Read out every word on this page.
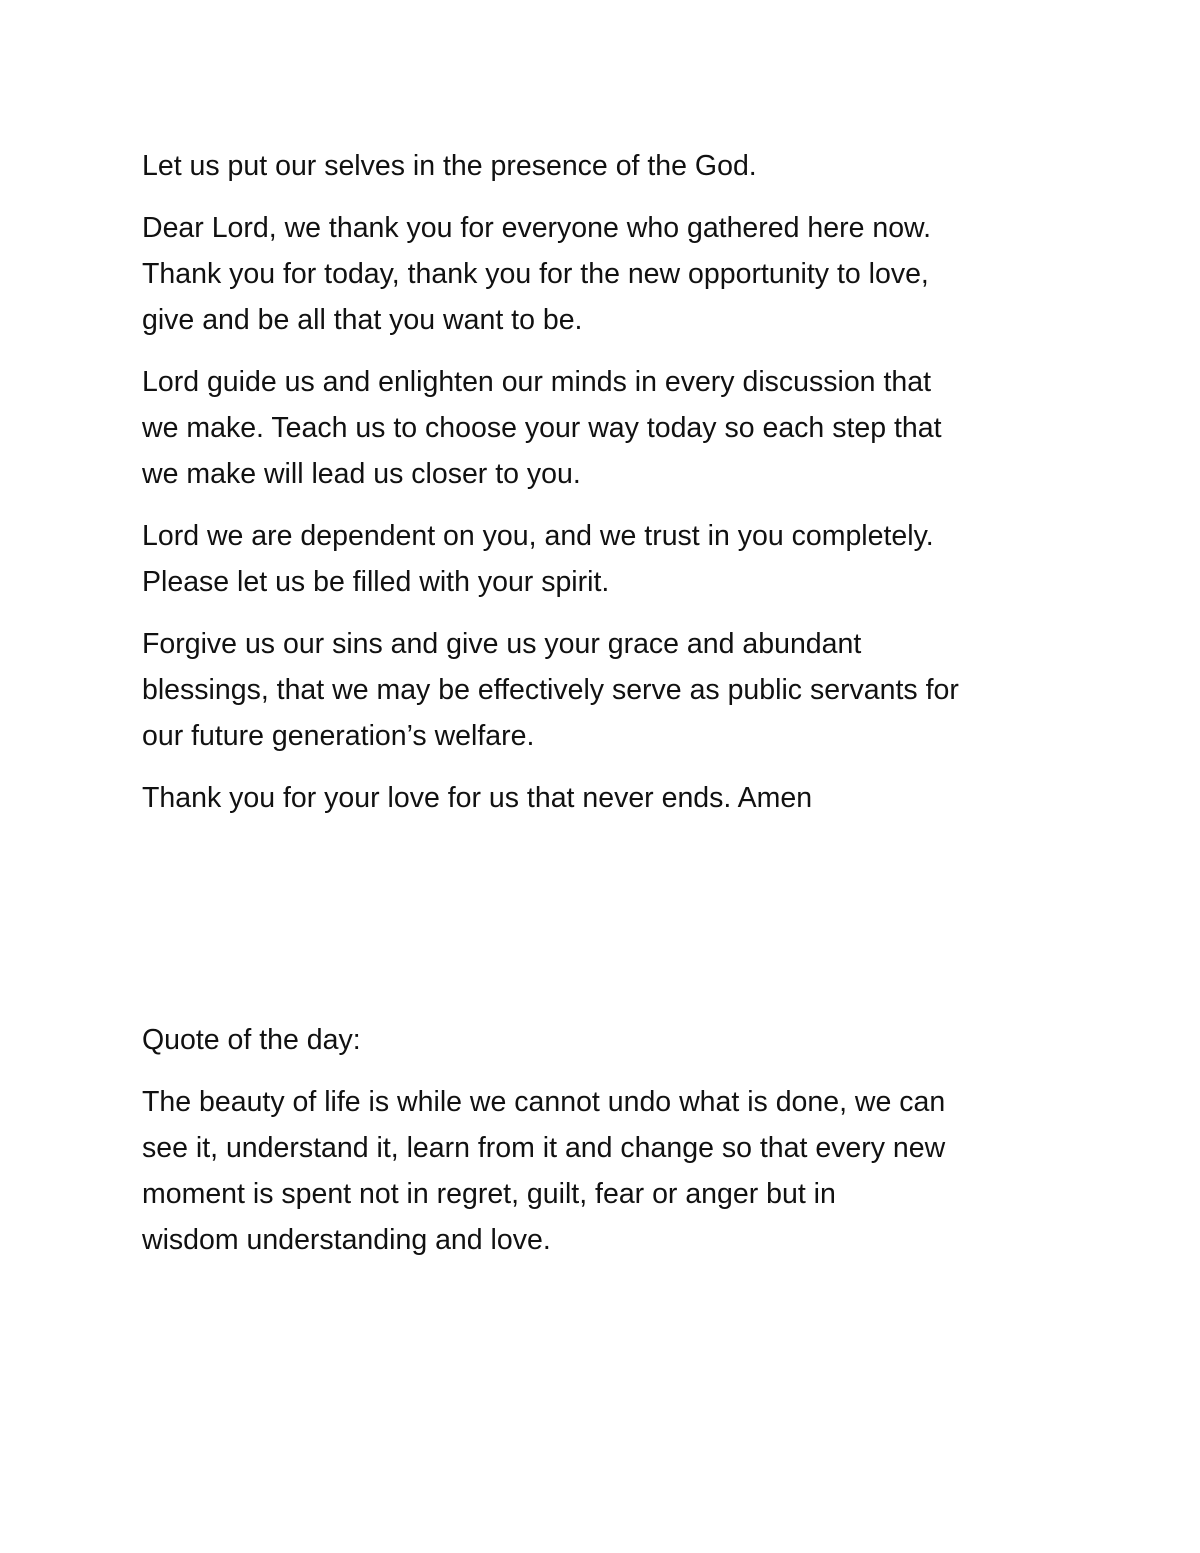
Let us put our selves in the presence of the God.
Dear Lord, we thank you for everyone who gathered here now.
Thank you for today, thank you for the new opportunity to love,
give and be all that you want to be.
Lord guide us and enlighten our minds in every discussion that
we make. Teach us to choose your way today so each step that
we make will lead us closer to you.
Lord we are dependent on you, and we trust in you completely.
Please let us be filled with your spirit.
Forgive us our sins and give us your grace and abundant
blessings, that we may be effectively serve as public servants for
our future generation’s welfare.
Thank you for your love for us that never ends. Amen
Quote of the day:
The beauty of life is while we cannot undo what is done, we can
see it, understand it, learn from it and change so that every new
moment is spent not in regret, guilt, fear or anger but in
wisdom understanding and love.
